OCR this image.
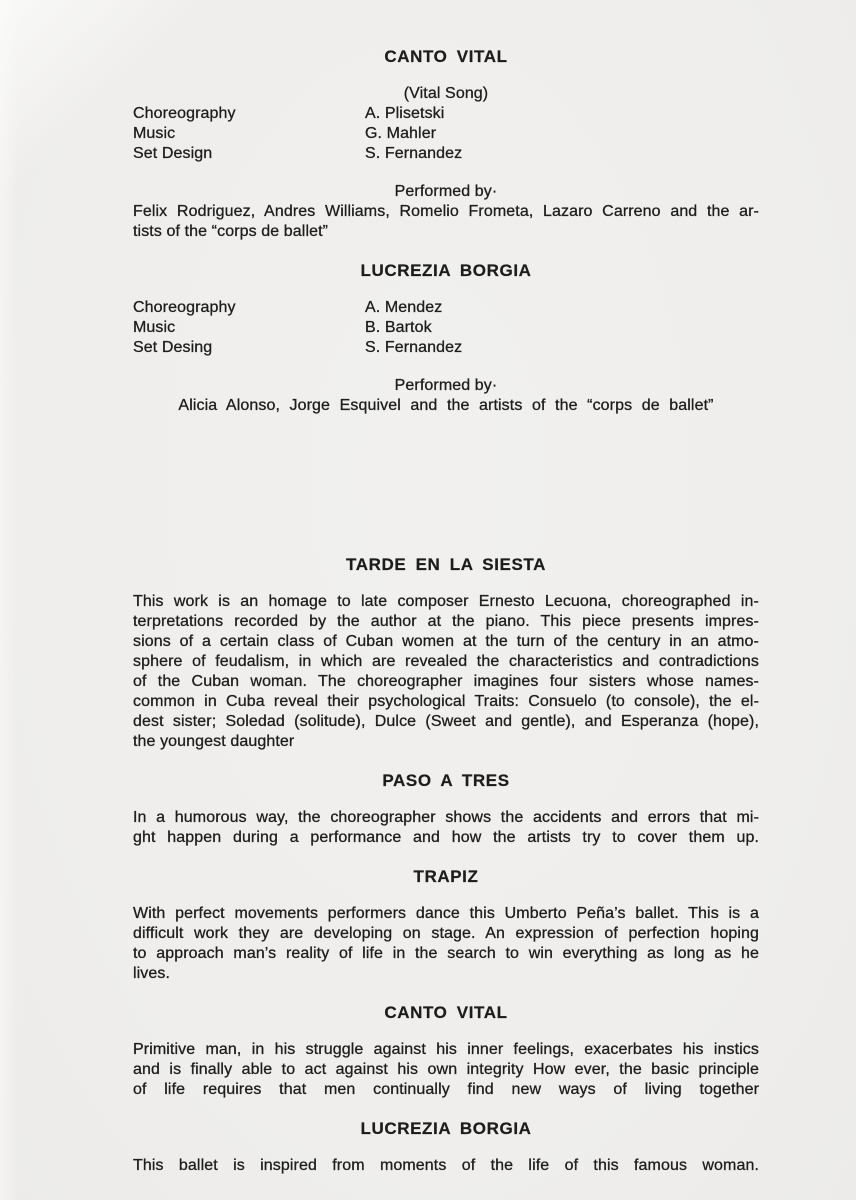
CANTO VITAL
(Vital Song)
Choreography	A. Plisetski
Music	G. Mahler
Set Design	S. Fernandez
Performed by·
Felix Rodriguez, Andres Williams, Romelio Frometa, Lazaro Carreno and the ar-
tists of the “corps de ballet”
LUCREZIA BORGIA
Choreography	A. Mendez
Music	B. Bartok
Set Desing	S. Fernandez
Performed by·
Alicia Alonso, Jorge Esquivel and the artists of the “corps de ballet”
TARDE EN LA SIESTA
This work is an homage to late composer Ernesto Lecuona, choreographed in-
terpretations recorded by the author at the piano. This piece presents impres-
sions of a certain class of Cuban women at the turn of the century in an atmo-
sphere of feudalism, in which are revealed the characteristics and contradictions
of the Cuban woman. The choreographer imagines four sisters whose names-
common in Cuba reveal their psychological Traits: Consuelo (to console), the el-
dest sister; Soledad (solitude), Dulce (Sweet and gentle), and Esperanza (hope),
the youngest daughter
PASO A TRES
In a humorous way, the choreographer shows the accidents and errors that mi-
ght happen during a performance and how the artists try to cover them up.
TRAPIZ
With perfect movements performers dance this Umberto Peña’s ballet. This is a
difficult work they are developing on stage. An expression of perfection hoping
to approach man’s reality of life in the search to win everything as long as he
lives.
CANTO VITAL
Primitive man, in his struggle against his inner feelings, exacerbates his instics
and is finally able to act against his own integrity How ever, the basic principle
of life requires that men continually find new ways of living together
LUCREZIA BORGIA
This ballet is inspired from moments of the life of this famous woman.
